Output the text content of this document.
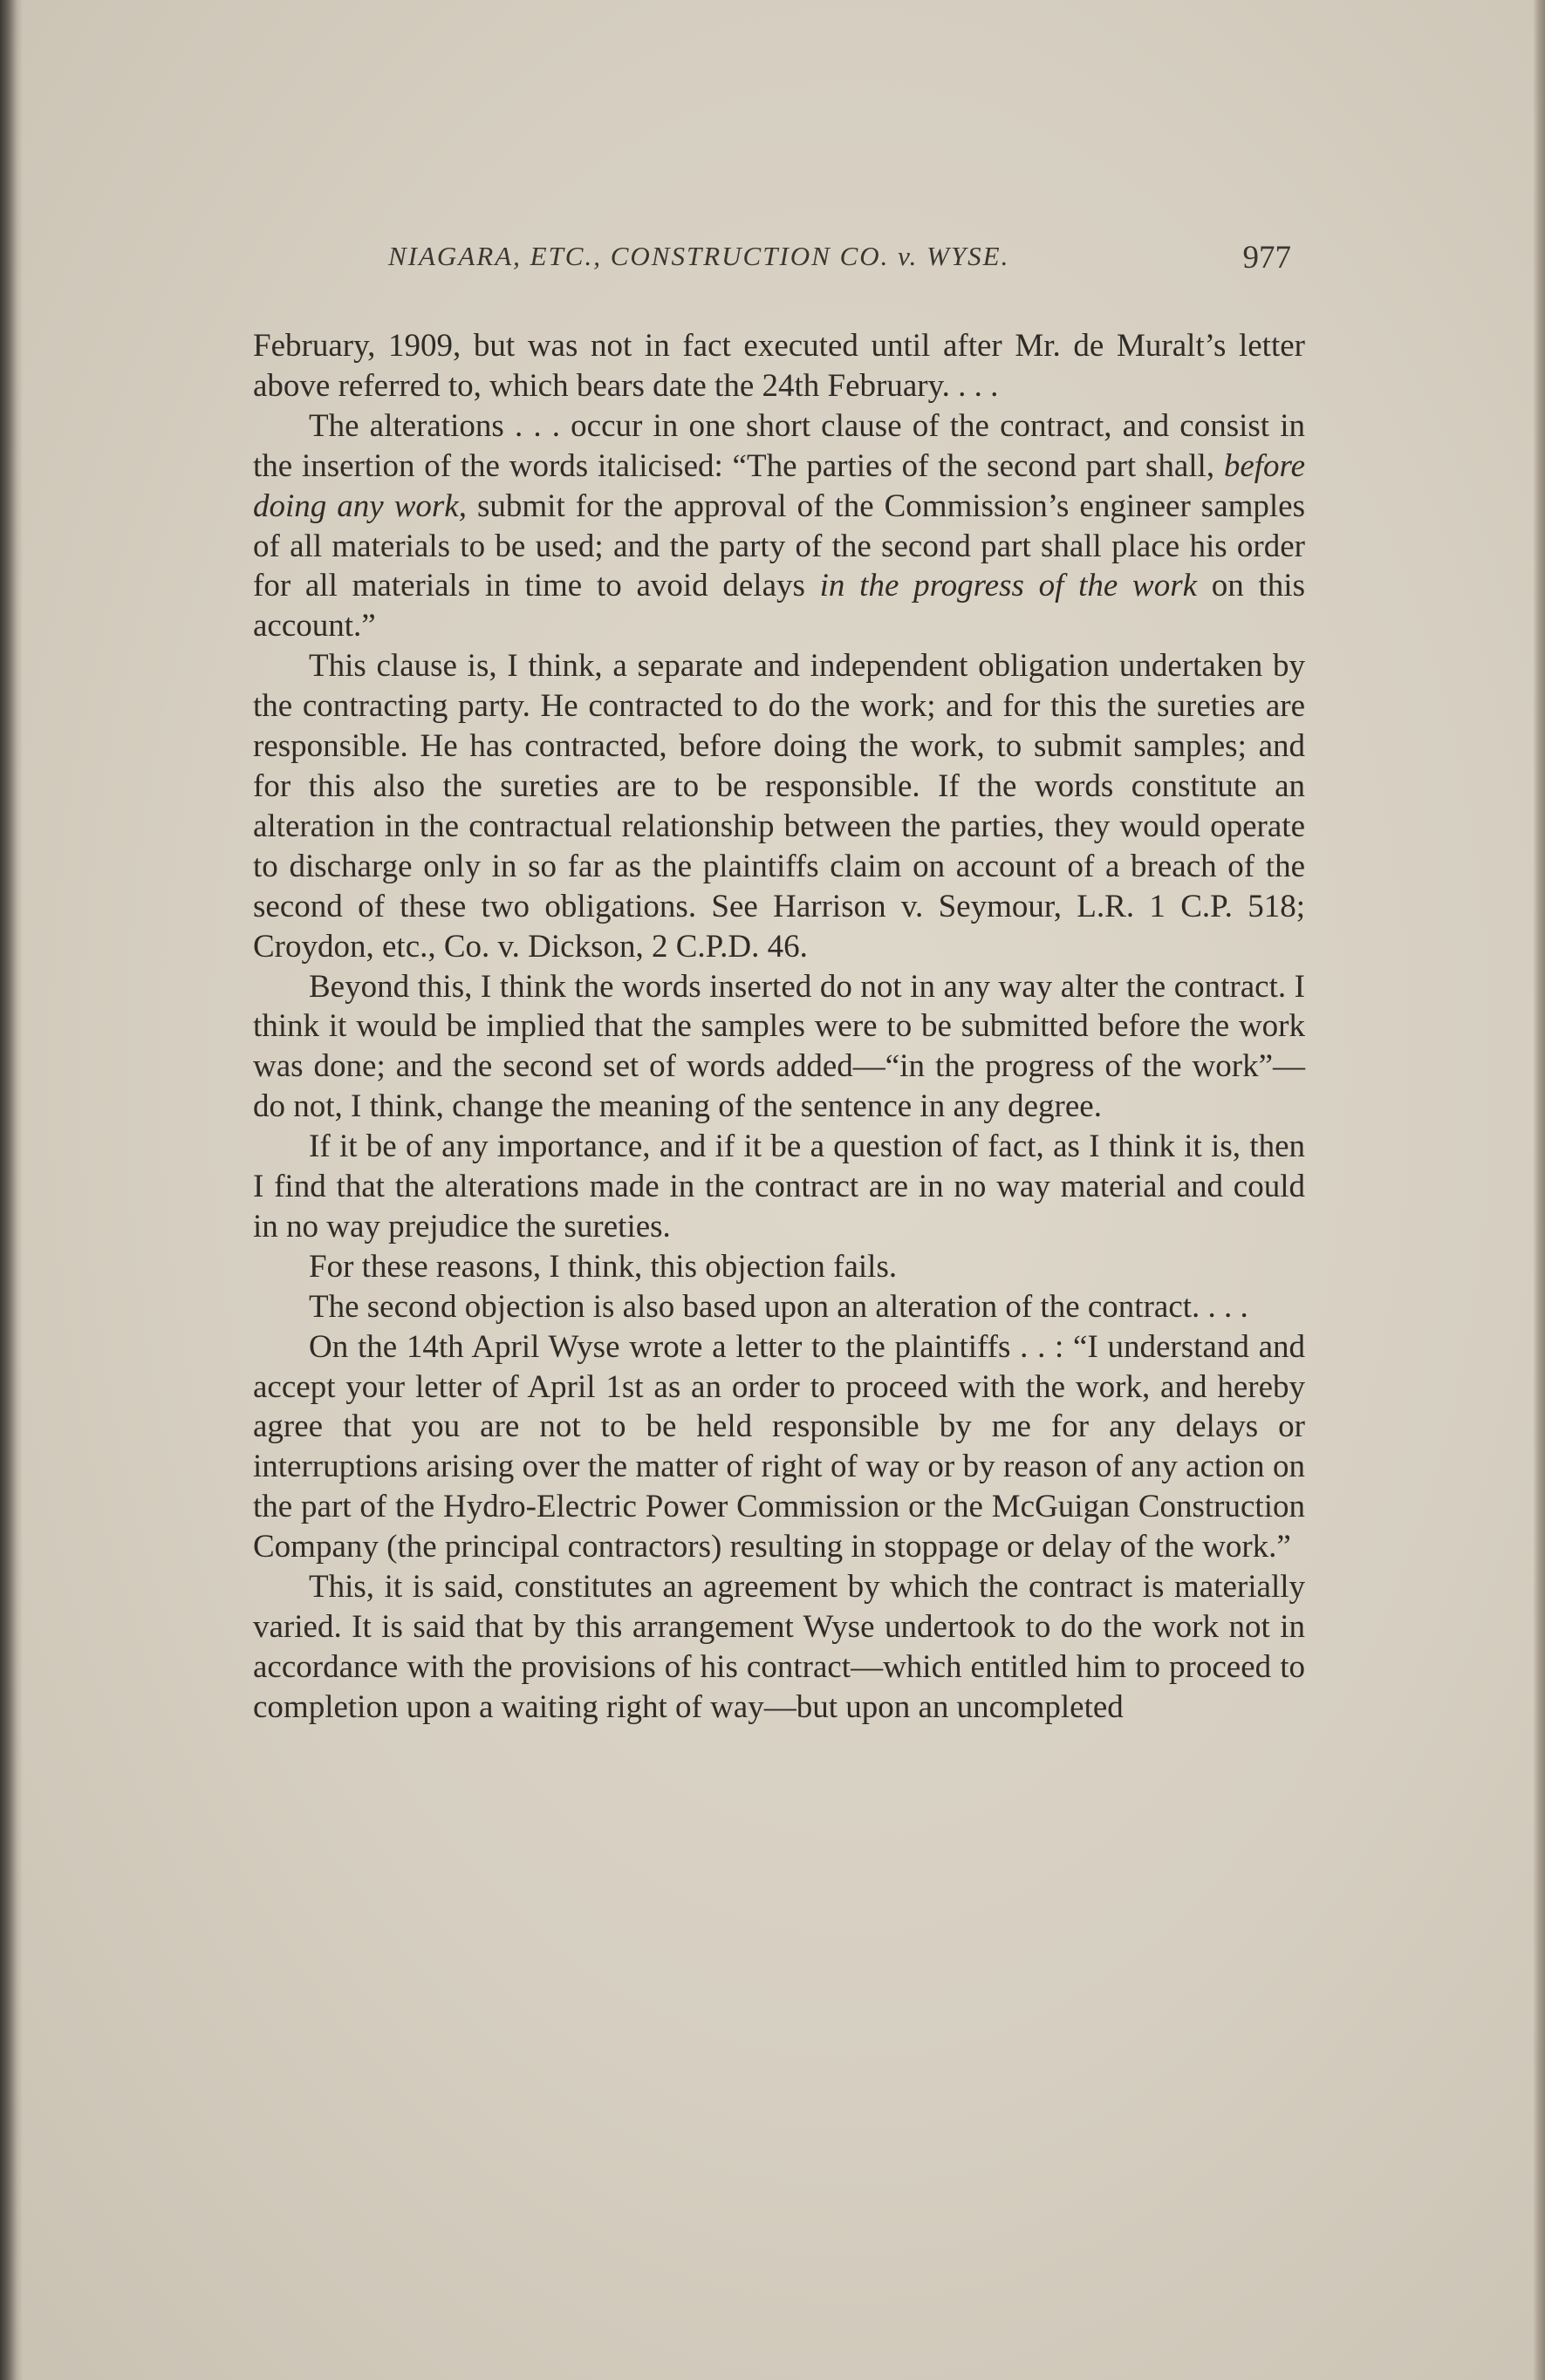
NIAGARA, ETC., CONSTRUCTION CO. v. WYSE.	977

February, 1909, but was not in fact executed until after Mr. de Muralt’s letter above referred to, which bears date the 24th February. . . .

The alterations . . . occur in one short clause of the contract, and consist in the insertion of the words italicised: “The parties of the second part shall, before doing any work, submit for the approval of the Commission’s engineer samples of all materials to be used; and the party of the second part shall place his order for all materials in time to avoid delays in the progress of the work on this account.”

This clause is, I think, a separate and independent obligation undertaken by the contracting party. He contracted to do the work; and for this the sureties are responsible. He has contracted, before doing the work, to submit samples; and for this also the sureties are to be responsible. If the words constitute an alteration in the contractual relationship between the parties, they would operate to discharge only in so far as the plaintiffs claim on account of a breach of the second of these two obligations. See Harrison v. Seymour, L.R. 1 C.P. 518; Croydon, etc., Co. v. Dickson, 2 C.P.D. 46.

Beyond this, I think the words inserted do not in any way alter the contract. I think it would be implied that the samples were to be submitted before the work was done; and the second set of words added—“in the progress of the work”—do not, I think, change the meaning of the sentence in any degree.

If it be of any importance, and if it be a question of fact, as I think it is, then I find that the alterations made in the contract are in no way material and could in no way prejudice the sureties.

For these reasons, I think, this objection fails.

The second objection is also based upon an alteration of the contract. . . .

On the 14th April Wyse wrote a letter to the plaintiffs . . : “I understand and accept your letter of April 1st as an order to proceed with the work, and hereby agree that you are not to be held responsible by me for any delays or interruptions arising over the matter of right of way or by reason of any action on the part of the Hydro-Electric Power Commission or the McGuigan Construction Company (the principal contractors) resulting in stoppage or delay of the work.”

This, it is said, constitutes an agreement by which the contract is materially varied. It is said that by this arrangement Wyse undertook to do the work not in accordance with the provisions of his contract—which entitled him to proceed to completion upon a waiting right of way—but upon an uncompleted
